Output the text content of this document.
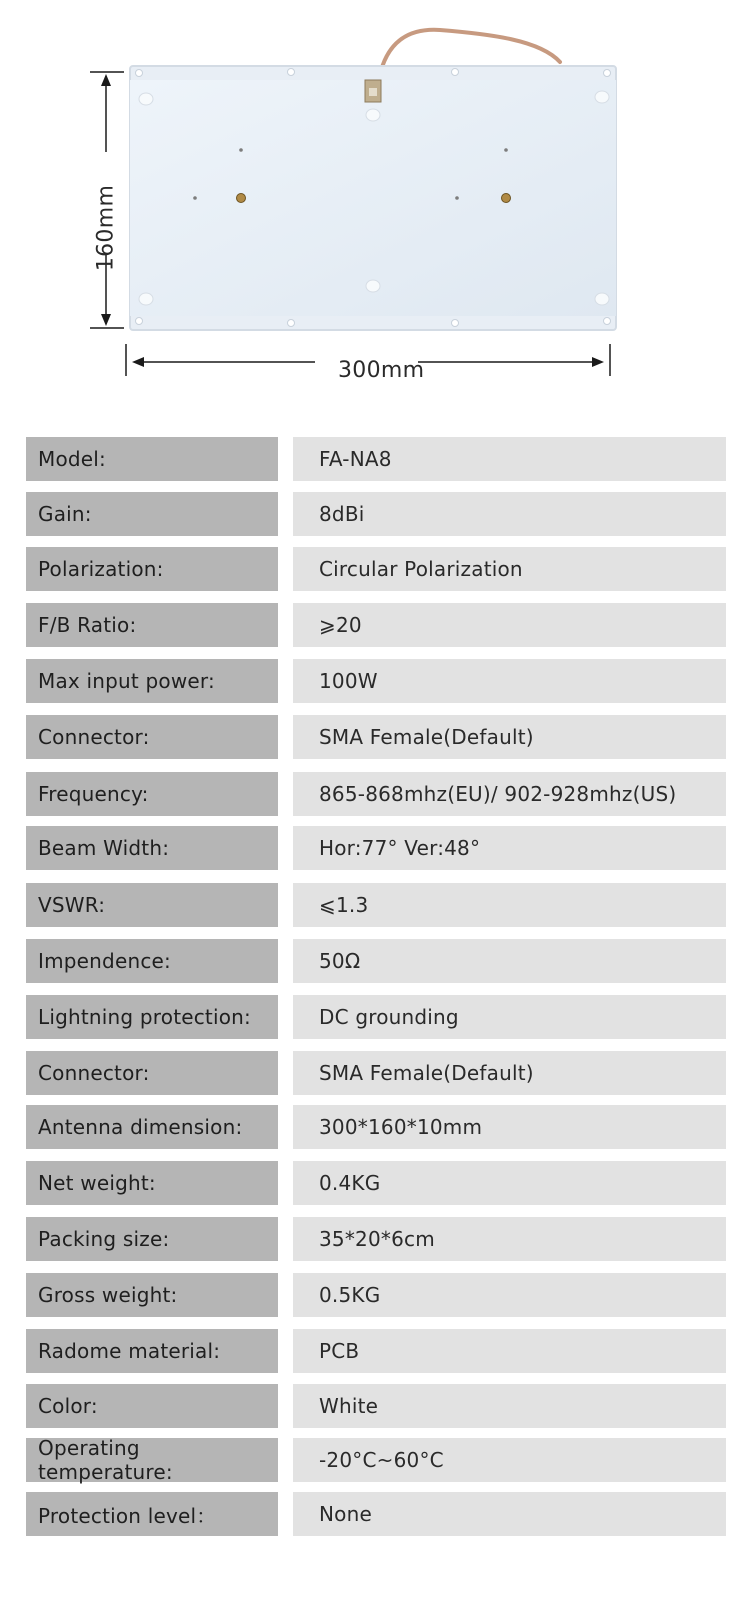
300mm
160mm
Model:	FA-NA8
Gain:	8dBi
Polarization:	Circular Polarization
F/B Ratio:	⩾20
Max input power:	100W
Connector:	SMA Female(Default)
Frequency:	865-868mhz(EU)/ 902-928mhz(US)
Beam Width:	Hor:77° Ver:48°
VSWR:	⩽1.3
Impendence:	50Ω
Lightning protection:	DC grounding
Connector:	SMA Female(Default)
Antenna dimension:	300*160*10mm
Net weight:	0.4KG
Packing size:	35*20*6cm
Gross weight:	0.5KG
Radome material:	PCB
Color:	White
Operating temperature:	-20°C~60°C
Protection level：	None
